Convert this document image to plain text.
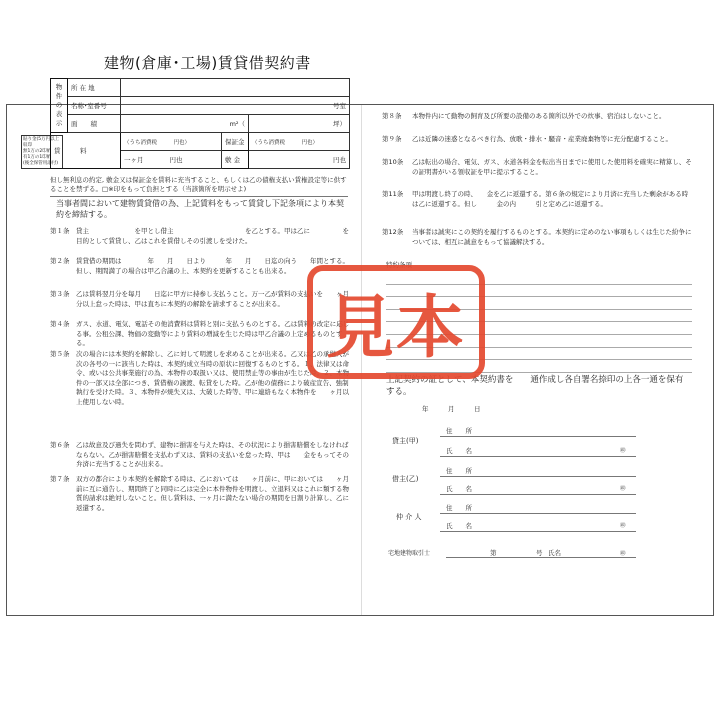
貼り金(5万円以上
収印
無1万の2印紙
有1万の1印紙
(後全保管用添付)
建物(倉庫･工場)賃貸借契約書
物件の表示	所 在 地			
	名称･室番号	号室		
	面　　積	m²（		坪）
賃　　　料		（うち消費税　　　 円也）	保証金	（うち消費税　　　 円也）
		一ヶ月　　　　 円也	敷 金	円也
但し無利息の約定, 敷金又は保証金を賃料に充当すること、もしくは乙の債権支払い賃権設定等に供することを禁ずる。□※印をもって負担とする（当該箇所を明示せよ)
当事者間において建物賃貸借の為、上記賃料をもって賃貸し下記条項により本契約を締結する。
第１条	貸主　　　　　　　を甲とし借主　　　　　　　　　　　を乙とする。甲は乙に　　　　　を目的として賃貸し、乙はこれを賃借しその引渡しを受けた。
第２条	賃貸借の期間は　　　　年　　月　　日より　　　年　　月　　日迄の向う　　年間とする。但し、期間満了の場合は甲乙合議の上、本契約を更新することも出来る。
第３条	乙は賃料翌月分を毎月　　日迄に甲方に持参し支払うこと。万一乙が賃料の支払いを　　ヶ月分以上怠った時は、甲は直ちに本契約の解除を請求することが出来る。
第４条	ガス、水道、電気、電話その他消費料は賃料と別に支払うものとする。乙は賃料の改定に応じる事。公租公課、物価の変動等により賃料の増減を生じた時は甲乙合議の上定めるものとする。
第５条	次の場合には本契約を解除し、乙に対して明渡しを求めることが出来る。乙又は乙の承継人が次の各号の一に該当した時は、本契約成立当時の原状に回復するものとする。１、法律又は命令、或いは公共事業施行の為、本物件の取扱い又は、使用禁止等の事由が生じた時。２、本物件の一部又は全部につき、賃借権の譲渡、転貸をした時。乙が他の債務により破産宣告、強制執行を受けた時。３、本物件が焼失又は、大破した時等、甲に連絡もなく本物件を　　ヶ月以上使用しない時。
第６条	乙は故意及び過失を問わず、建物に損害を与えた時は、その状況により損害賠償をしなければならない。乙が損害賠償を支払わず又は、賃料の支払いを怠った時、甲は　　金をもってその弁済に充当することが出来る。
第７条	双方の都合により本契約を解除する時は、乙においては　　ヶ月前に、甲においては　　ヶ月前に互に通告し、期間終了と同時に乙は完全に本件物件を明渡し、立退料又はこれに類する物質的請求は絶対しないこと。但し賃料は、一ヶ月に満たない場合の期間を日割り計算し、乙に返還する。
第８条	本物件内にて動物の飼育及び所要の設備のある箇所以外での炊事、宿泊はしないこと。
第９条	乙は近隣の迷惑となるべき行為、放歌・排水・騒音・産業廃棄物等に充分配慮すること。
第10条	乙は転出の場合、電気、ガス、水道各料金を転出当日までに使用した使用料を確実に精算し、その証明書がいる領収証を甲に提示すること。
第11条	甲は明渡し終了の時、　　金を乙に返還する。第６条の規定により月済に充当した剰余がある時は乙に返還する。但し　　　金の内　　　引と定め乙に返還する。
第12条	当事者は誠実にこの契約を履行するものとする。本契約に定めのない事項もしくは生じた紛争については、相互に誠意をもって協議解決する。
特約条項
上記契約の証として、本契約書を　　通作成し各自署名捺印の上各一通を保有する。
年　　　月　　　日
貸主(甲)
住　　所
氏　　名	㊞
借主(乙)
住　　所
氏　　名	㊞
仲 介 人
住　　所
氏　　名	㊞
宅地建物取引士	第	号 氏名	㊞
見本
